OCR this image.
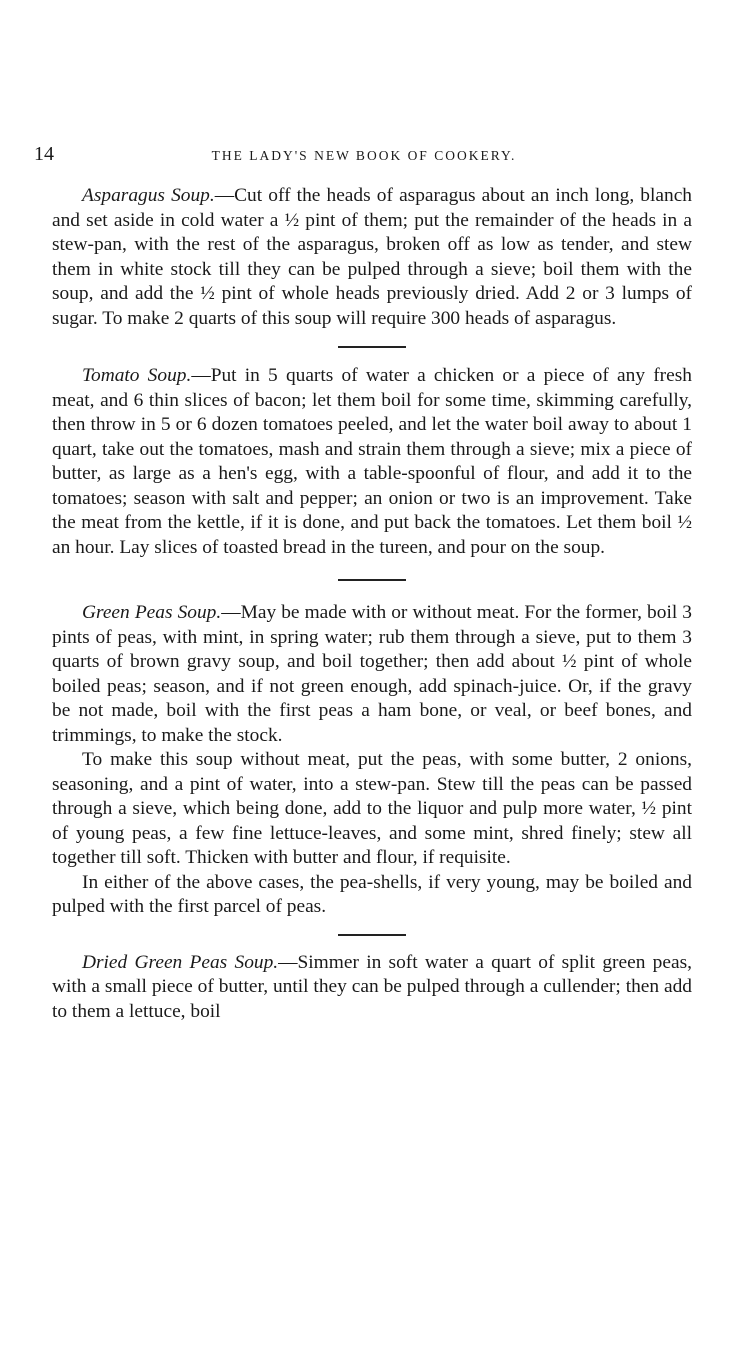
14	THE LADY'S NEW BOOK OF COOKERY.

Asparagus Soup.—Cut off the heads of asparagus about an inch long, blanch and set aside in cold water a ½ pint of them; put the remainder of the heads in a stew-pan, with the rest of the asparagus, broken off as low as tender, and stew them in white stock till they can be pulped through a sieve; boil them with the soup, and add the ½ pint of whole heads previously dried. Add 2 or 3 lumps of sugar. To make 2 quarts of this soup will require 300 heads of asparagus.

Tomato Soup.—Put in 5 quarts of water a chicken or a piece of any fresh meat, and 6 thin slices of bacon; let them boil for some time, skimming carefully, then throw in 5 or 6 dozen tomatoes peeled, and let the water boil away to about 1 quart, take out the tomatoes, mash and strain them through a sieve; mix a piece of butter, as large as a hen's egg, with a table-spoonful of flour, and add it to the tomatoes; season with salt and pepper; an onion or two is an improvement. Take the meat from the kettle, if it is done, and put back the tomatoes. Let them boil ½ an hour. Lay slices of toasted bread in the tureen, and pour on the soup.

Green Peas Soup.—May be made with or without meat. For the former, boil 3 pints of peas, with mint, in spring water; rub them through a sieve, put to them 3 quarts of brown gravy soup, and boil together; then add about ½ pint of whole boiled peas; season, and if not green enough, add spinach-juice. Or, if the gravy be not made, boil with the first peas a ham bone, or veal, or beef bones, and trimmings, to make the stock.

To make this soup without meat, put the peas, with some butter, 2 onions, seasoning, and a pint of water, into a stew-pan. Stew till the peas can be passed through a sieve, which being done, add to the liquor and pulp more water, ½ pint of young peas, a few fine lettuce-leaves, and some mint, shred finely; stew all together till soft. Thicken with butter and flour, if requisite.

In either of the above cases, the pea-shells, if very young, may be boiled and pulped with the first parcel of peas.

Dried Green Peas Soup.—Simmer in soft water a quart of split green peas, with a small piece of butter, until they can be pulped through a cullender; then add to them a lettuce, boil
